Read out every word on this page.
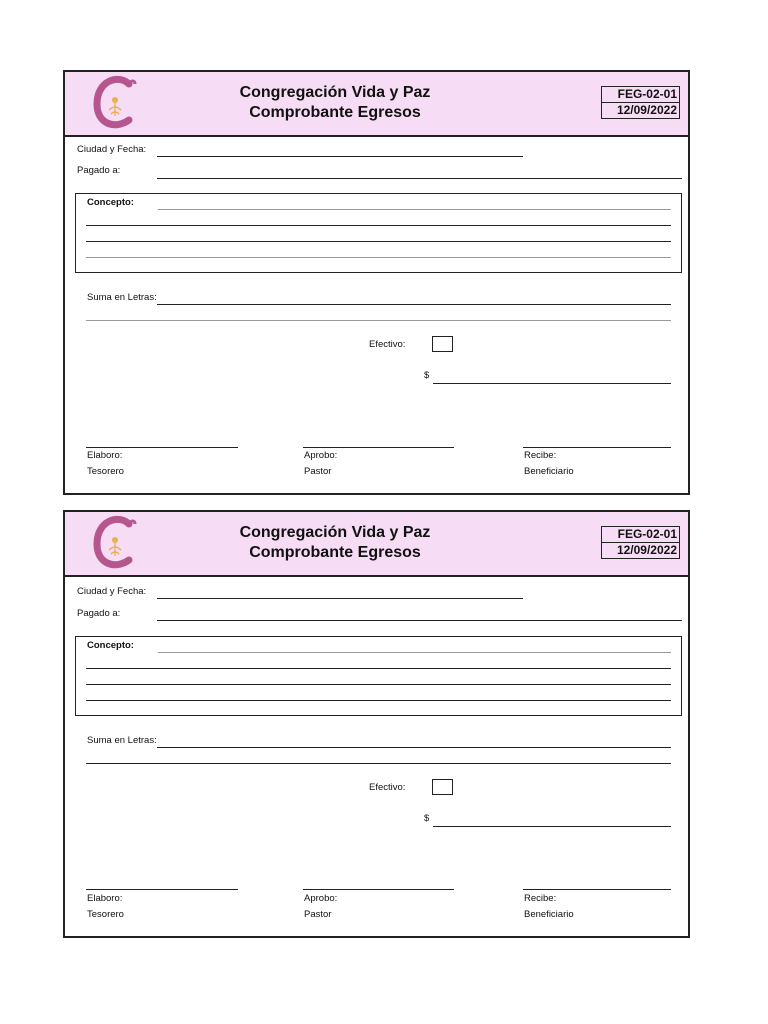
Congregación Vida y Paz
Comprobante Egresos
FEG-02-01
12/09/2022
Ciudad y Fecha:
Pagado a:
Concepto:
Suma en Letras:
Efectivo:
$
Elaboro:
Tesorero
Aprobo:
Pastor
Recibe:
Beneficiario
Congregación Vida y Paz
Comprobante Egresos
FEG-02-01
12/09/2022
Ciudad y Fecha:
Pagado a:
Concepto:
Suma en Letras:
Efectivo:
$
Elaboro:
Tesorero
Aprobo:
Pastor
Recibe:
Beneficiario
